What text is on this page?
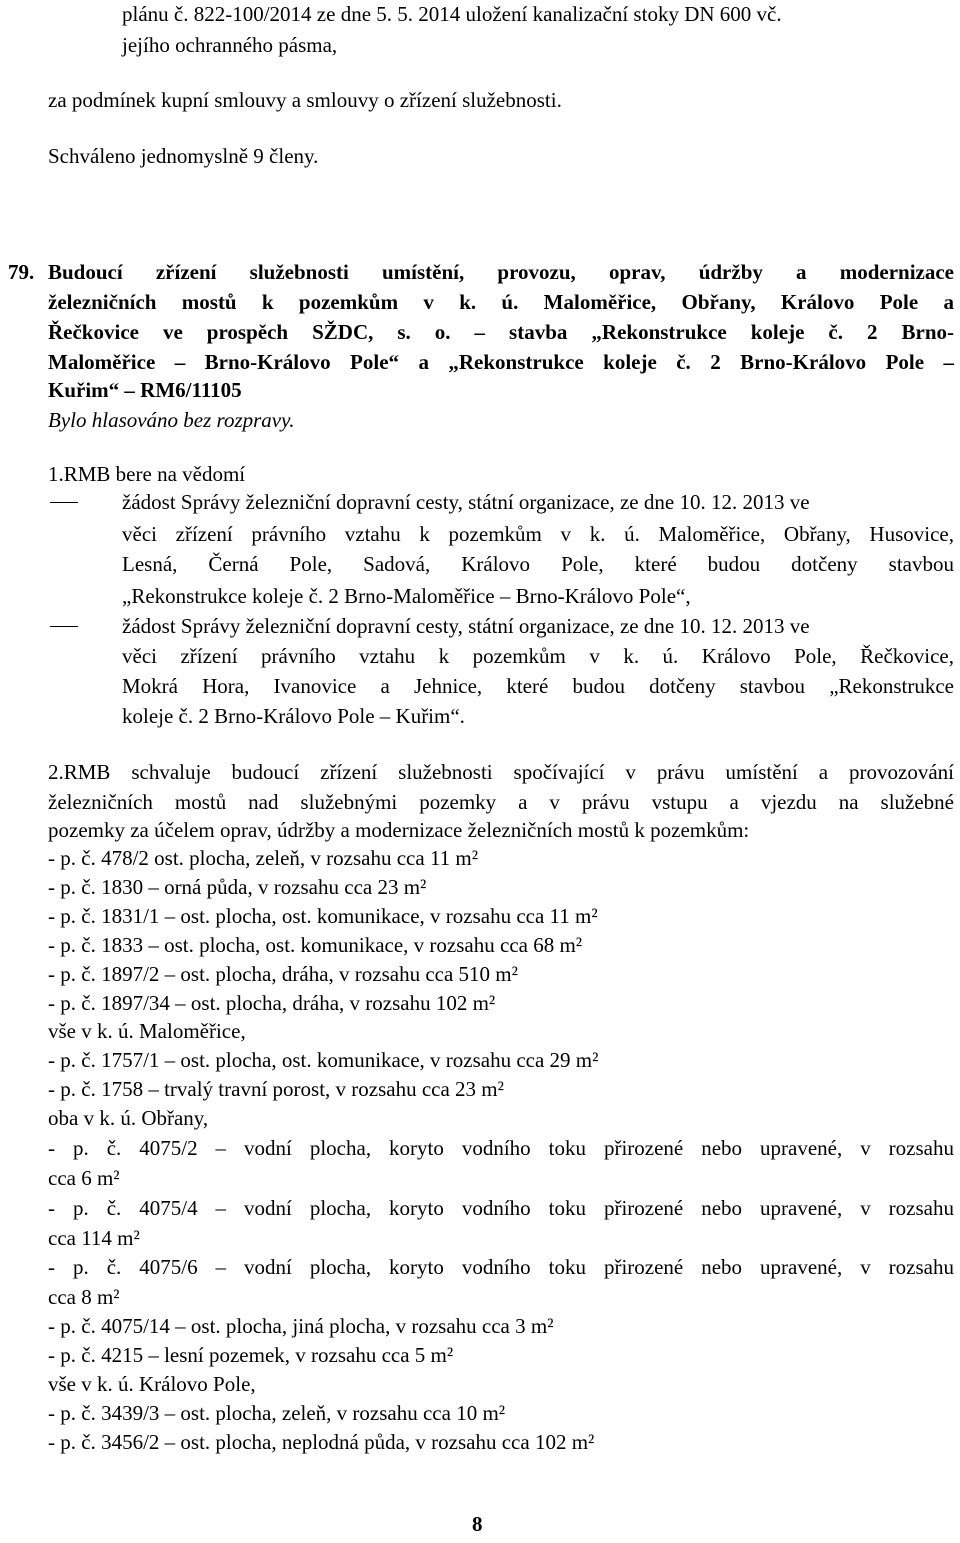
plánu č. 822-100/2014 ze dne 5. 5. 2014 uložení kanalizační stoky DN 600 vč.
jejího ochranného pásma,
za podmínek kupní smlouvy a smlouvy o zřízení služebnosti.
Schváleno jednomyslně 9 členy.
79. Budoucí zřízení služebnosti umístění, provozu, oprav, údržby a modernizace
železničních mostů k pozemkům v k. ú. Maloměřice, Obřany, Královo Pole a
Řečkovice ve prospěch SŽDC, s. o. – stavba „Rekonstrukce koleje č. 2 Brno-
Maloměřice – Brno-Královo Pole“ a „Rekonstrukce koleje č. 2 Brno-Královo Pole –
Kuřim“ – RM6/11105
Bylo hlasováno bez rozpravy.
1.RMB bere na vědomí
žádost Správy železniční dopravní cesty, státní organizace, ze dne 10. 12. 2013 ve
věci zřízení právního vztahu k pozemkům v k. ú. Maloměřice, Obřany, Husovice,
Lesná, Černá Pole, Sadová, Královo Pole, které budou dotčeny stavbou
„Rekonstrukce koleje č. 2 Brno-Maloměřice – Brno-Královo Pole“,
žádost Správy železniční dopravní cesty, státní organizace, ze dne 10. 12. 2013 ve
věci zřízení právního vztahu k pozemkům v k. ú. Královo Pole, Řečkovice,
Mokrá Hora, Ivanovice a Jehnice, které budou dotčeny stavbou „Rekonstrukce
koleje č. 2 Brno-Královo Pole – Kuřim“.
2.RMB schvaluje budoucí zřízení služebnosti spočívající v právu umístění a provozování
železničních mostů nad služebnými pozemky a v právu vstupu a vjezdu na služebné
pozemky za účelem oprav, údržby a modernizace železničních mostů k pozemkům:
- p. č. 478/2 ost. plocha, zeleň, v rozsahu cca 11 m²
- p. č. 1830 – orná půda, v rozsahu cca 23 m²
- p. č. 1831/1 – ost. plocha, ost. komunikace, v rozsahu cca 11 m²
- p. č. 1833 – ost. plocha, ost. komunikace, v rozsahu cca 68 m²
- p. č. 1897/2 – ost. plocha, dráha, v rozsahu cca 510 m²
- p. č. 1897/34 – ost. plocha, dráha, v rozsahu 102 m²
vše v k. ú. Maloměřice,
- p. č. 1757/1 – ost. plocha, ost. komunikace, v rozsahu cca 29 m²
- p. č. 1758 – trvalý travní porost, v rozsahu cca 23 m²
oba v k. ú. Obřany,
- p. č. 4075/2 – vodní plocha, koryto vodního toku přirozené nebo upravené, v rozsahu
cca 6 m²
- p. č. 4075/4 – vodní plocha, koryto vodního toku přirozené nebo upravené, v rozsahu
cca 114 m²
- p. č. 4075/6 – vodní plocha, koryto vodního toku přirozené nebo upravené, v rozsahu
cca 8 m²
- p. č. 4075/14 – ost. plocha, jiná plocha, v rozsahu cca 3 m²
- p. č. 4215 – lesní pozemek, v rozsahu cca 5 m²
vše v k. ú. Královo Pole,
- p. č. 3439/3 – ost. plocha, zeleň, v rozsahu cca 10 m²
- p. č. 3456/2 – ost. plocha, neplodná půda, v rozsahu cca 102 m²
8
